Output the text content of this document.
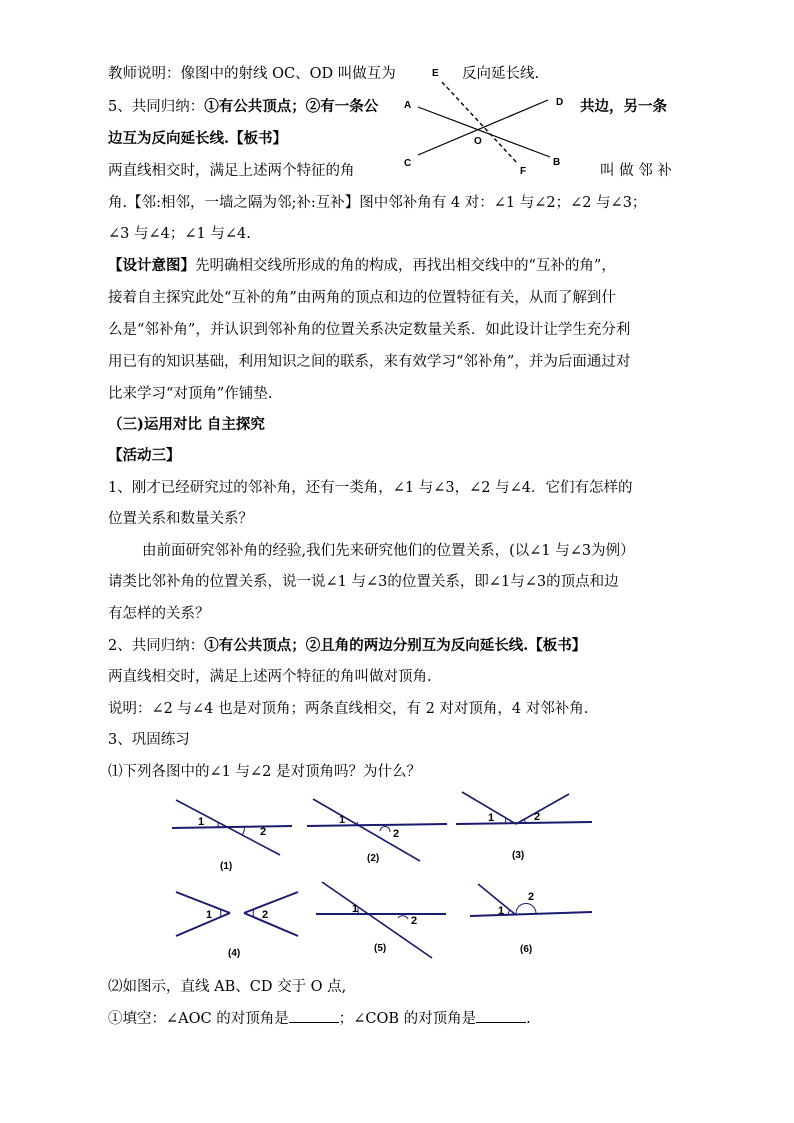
教师说明：像图中的射线 OC、OD 叫做互为	反向延长线.
5、共同归纳：①有公共顶点；②有一条公	共边，另一条
边互为反向延长线.【板书】
两直线相交时，满足上述两个特征的角	叫 做 邻 补
角.【邻:相邻，一墙之隔为邻;补:互补】图中邻补角有 4 对：∠1 与∠2；∠2 与∠3；
∠3 与∠4；∠1 与∠4.
E
A	D
O
C	B
F
【设计意图】先明确相交线所形成的角的构成，再找出相交线中的“互补的角”，
接着自主探究此处“互补的角”由两角的顶点和边的位置特征有关，从而了解到什
么是“邻补角”，并认识到邻补角的位置关系决定数量关系．如此设计让学生充分利
用已有的知识基础，利用知识之间的联系，来有效学习“邻补角”，并为后面通过对
比来学习“对顶角”作铺垫.
（三)运用对比 自主探究
【活动三】
1、刚才已经研究过的邻补角，还有一类角，∠1 与∠3，∠2 与∠4．它们有怎样的
位置关系和数量关系？
由前面研究邻补角的经验,我们先来研究他们的位置关系，(以∠1 与∠3为例）
请类比邻补角的位置关系，说一说∠1 与∠3的位置关系，即∠1与∠3的顶点和边
有怎样的关系？
2、共同归纳：①有公共顶点；②且角的两边分别互为反向延长线.【板书】
两直线相交时，满足上述两个特征的角叫做对顶角.
说明：∠2 与∠4 也是对顶角；两条直线相交，有 2 对对顶角，4 对邻补角.
3、巩固练习
⑴下列各图中的∠1 与∠2 是对顶角吗？为什么？
1
2
(1)
1
2
(2)
1	2
(3)
1	2
(4)
1
2
(5)
1
2
(6)
⑵如图示，直线 AB、CD 交于 O 点,
①填空：∠AOC 的对顶角是	；∠COB 的对顶角是	.
